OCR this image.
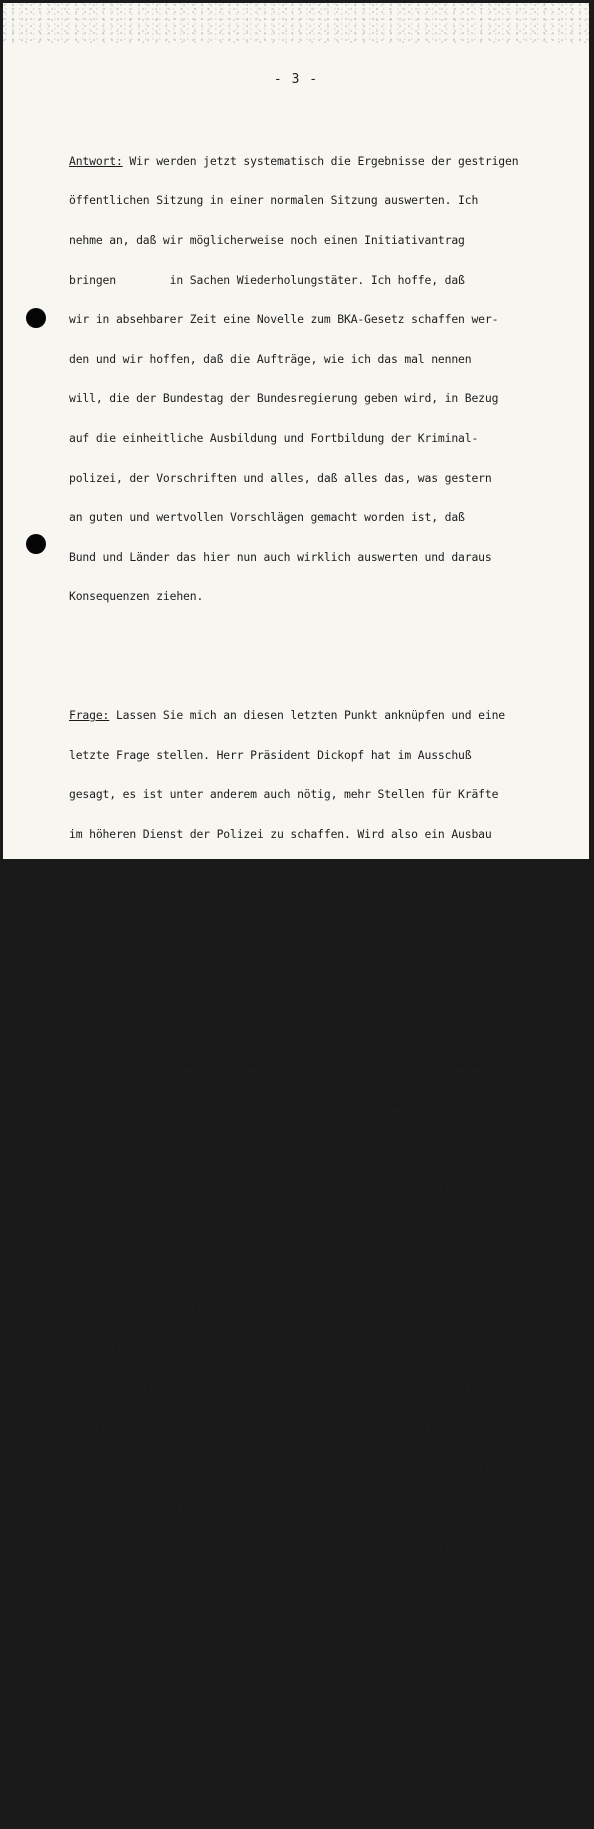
- 3 -

Antwort: Wir werden jetzt systematisch die Ergebnisse der gestrigen

öffentlichen Sitzung in einer normalen Sitzung auswerten. Ich

nehme an, daß wir möglicherweise noch einen Initiativantrag

bringen        in Sachen Wiederholungstäter. Ich hoffe, daß

wir in absehbarer Zeit eine Novelle zum BKA-Gesetz schaffen wer-

den und wir hoffen, daß die Aufträge, wie ich das mal nennen

will, die der Bundestag der Bundesregierung geben wird, in Bezug

auf die einheitliche Ausbildung und Fortbildung der Kriminal-

polizei, der Vorschriften und alles, daß alles das, was gestern

an guten und wertvollen Vorschlägen gemacht worden ist, daß

Bund und Länder das hier nun auch wirklich auswerten und daraus

Konsequenzen ziehen.

Frage: Lassen Sie mich an diesen letzten Punkt anknüpfen und eine

letzte Frage stellen. Herr Präsident Dickopf hat im Ausschuß

gesagt, es ist unter anderem auch nötig, mehr Stellen für Kräfte

im höheren Dienst der Polizei zu schaffen. Wird also ein Ausbau

der Polizei notwendig werden, werden wir uns daran gewöhnen

müssen, daß wir auch für unsere Sicherheit im Inneren etwas

mehr Mittel aufbringen müssen?

Antwort: Das müssen wir ohnehin, denn wenn wir das große Datenver-

arbeitungsnetz schaffen wollen und schaffen müssen, was bei der

großen Zahl von Massenverbrechen, Autodiebstähle usw. notwendig

ist, müssen wir in den nächsten Jahren entsprechende Mittel für

die innere Sicherheit aufwenden. Ich glaube nicht, daß zahlenmäßig

so große Verstärkungen notwendig sind. Worauf es hier ankommt,

ist auch eine qualitative Verstärkung, eine bessere Dotierung

von Stellen, zum Teil eine Veränderung in den Laufbahnen, weil

doch deutlich geworden ist, der Verbrecher von heute das ist

kein Mann, den man nur fangen muß, sondern es verlangt ein Höchst-

maß an Spezialkenntnissen und vielen anderen Dingen, um dem mit

Erfolg zu Leibe zu rücken, zumal doch die modernen Verkehrsmittel

es heute zulassen, daß die Leute ständig ihren Aufenthaltsort

verändern und damit sich doch verhältnismäßig leicht dem Zugriff

der Polizei entziehen können und dazu brauchen wir eben die

Beamten, wie sie hier in der Sitzung gestern gefordert worden

sind.

+ + + + + + + +
